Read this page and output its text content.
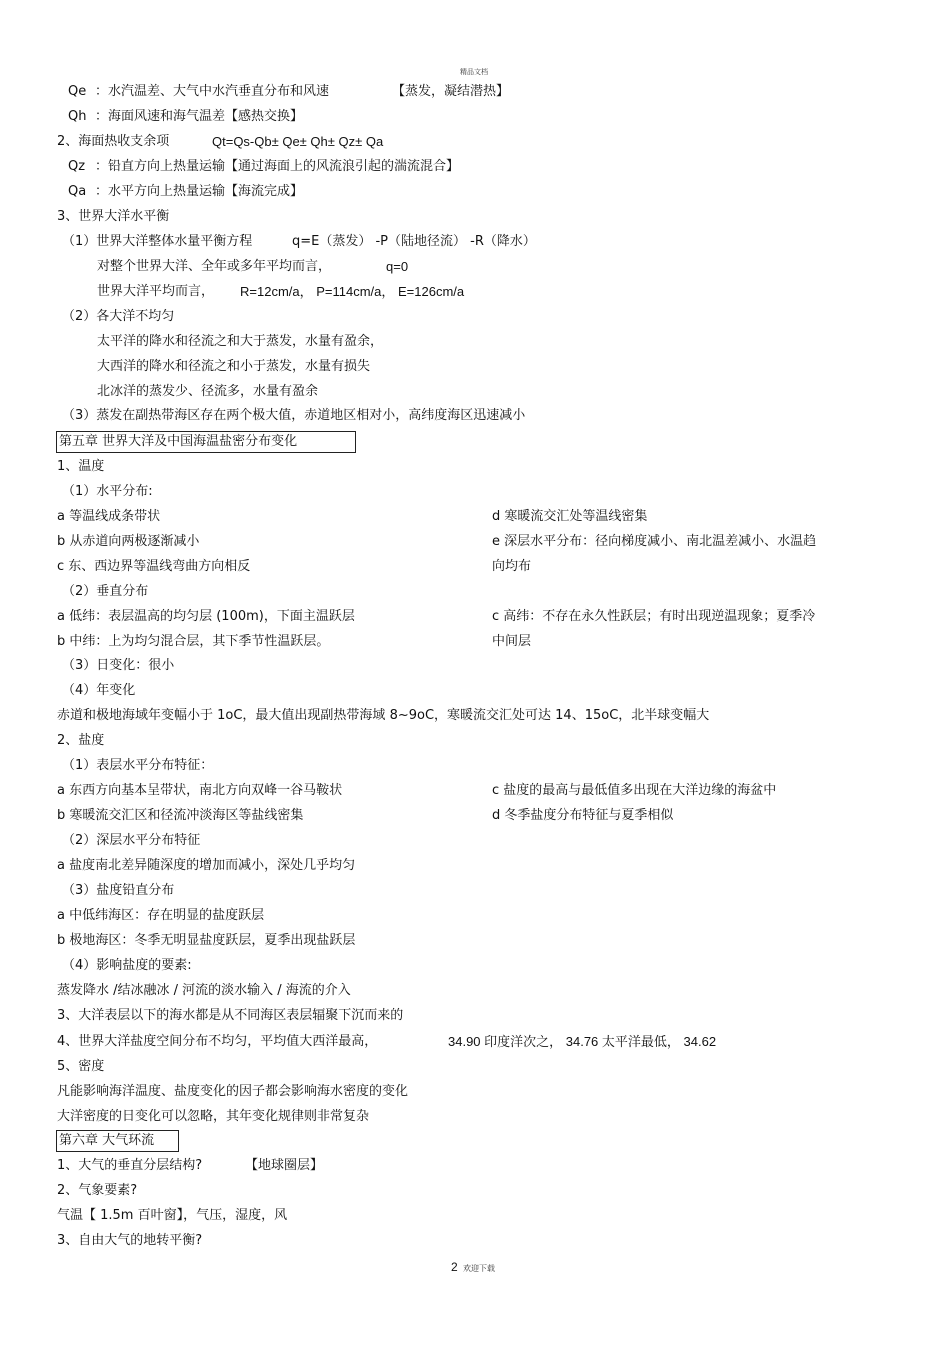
精品文档
Qe ：水汽温差、大气中水汽垂直分布和风速	【蒸发，凝结潜热】
Qh ：海面风速和海气温差【感热交换】
2、海面热收支余项	Qt=Qs-Qb± Qe± Qh± Qz± Qa
Qz ：铅直方向上热量运输【通过海面上的风流浪引起的湍流混合】
Qa ：水平方向上热量运输【海流完成】
3、世界大洋水平衡
（1）世界大洋整体水量平衡方程	q=E（蒸发） -P（陆地径流） -R（降水）
对整个世界大洋、全年或多年平均而言，	q=0
世界大洋平均而言， R=12cm/a， P=114cm/a， E=126cm/a
（2）各大洋不均匀
太平洋的降水和径流之和大于蒸发，水量有盈余，
大西洋的降水和径流之和小于蒸发，水量有损失
北冰洋的蒸发少、径流多，水量有盈余
（3）蒸发在副热带海区存在两个极大值，赤道地区相对小，高纬度海区迅速减小
第五章 世界大洋及中国海温盐密分布变化
1、温度
（1）水平分布:
a 等温线成条带状	d 寒暖流交汇处等温线密集
b 从赤道向两极逐渐减小	e 深层水平分布：径向梯度减小、南北温差减小、水温趋
c 东、西边界等温线弯曲方向相反	向均布
（2）垂直分布
a 低纬：表层温高的均匀层 (100m)，下面主温跃层	c 高纬：不存在永久性跃层；有时出现逆温现象；夏季冷
b 中纬：上为均匀混合层，其下季节性温跃层。	中间层
（3）日变化：很小
（4）年变化
赤道和极地海域年变幅小于 1oC，最大值出现副热带海域 8~9oC，寒暖流交汇处可达 14、15oC，北半球变幅大
2、盐度
（1）表层水平分布特征：
a 东西方向基本呈带状，南北方向双峰一谷马鞍状	c 盐度的最高与最低值多出现在大洋边缘的海盆中
b 寒暖流交汇区和径流冲淡海区等盐线密集	d 冬季盐度分布特征与夏季相似
（2）深层水平分布特征
a 盐度南北差异随深度的增加而减小，深处几乎均匀
（3）盐度铅直分布
a 中低纬海区：存在明显的盐度跃层
b 极地海区：冬季无明显盐度跃层，夏季出现盐跃层
（4）影响盐度的要素:
蒸发降水 /结冰融冰 / 河流的淡水输入 / 海流的介入
3、大洋表层以下的海水都是从不同海区表层辐聚下沉而来的
4、世界大洋盐度空间分布不均匀，平均值大西洋最高，	34.90 印度洋次之， 34.76 太平洋最低， 34.62
5、密度
凡能影响海洋温度、盐度变化的因子都会影响海水密度的变化
大洋密度的日变化可以忽略，其年变化规律则非常复杂
第六章 大气环流
1、大气的垂直分层结构?	【地球圈层】
2、气象要素?
气温【 1.5m 百叶窗】，气压，湿度，风
3、自由大气的地转平衡?
2 欢迎下载
